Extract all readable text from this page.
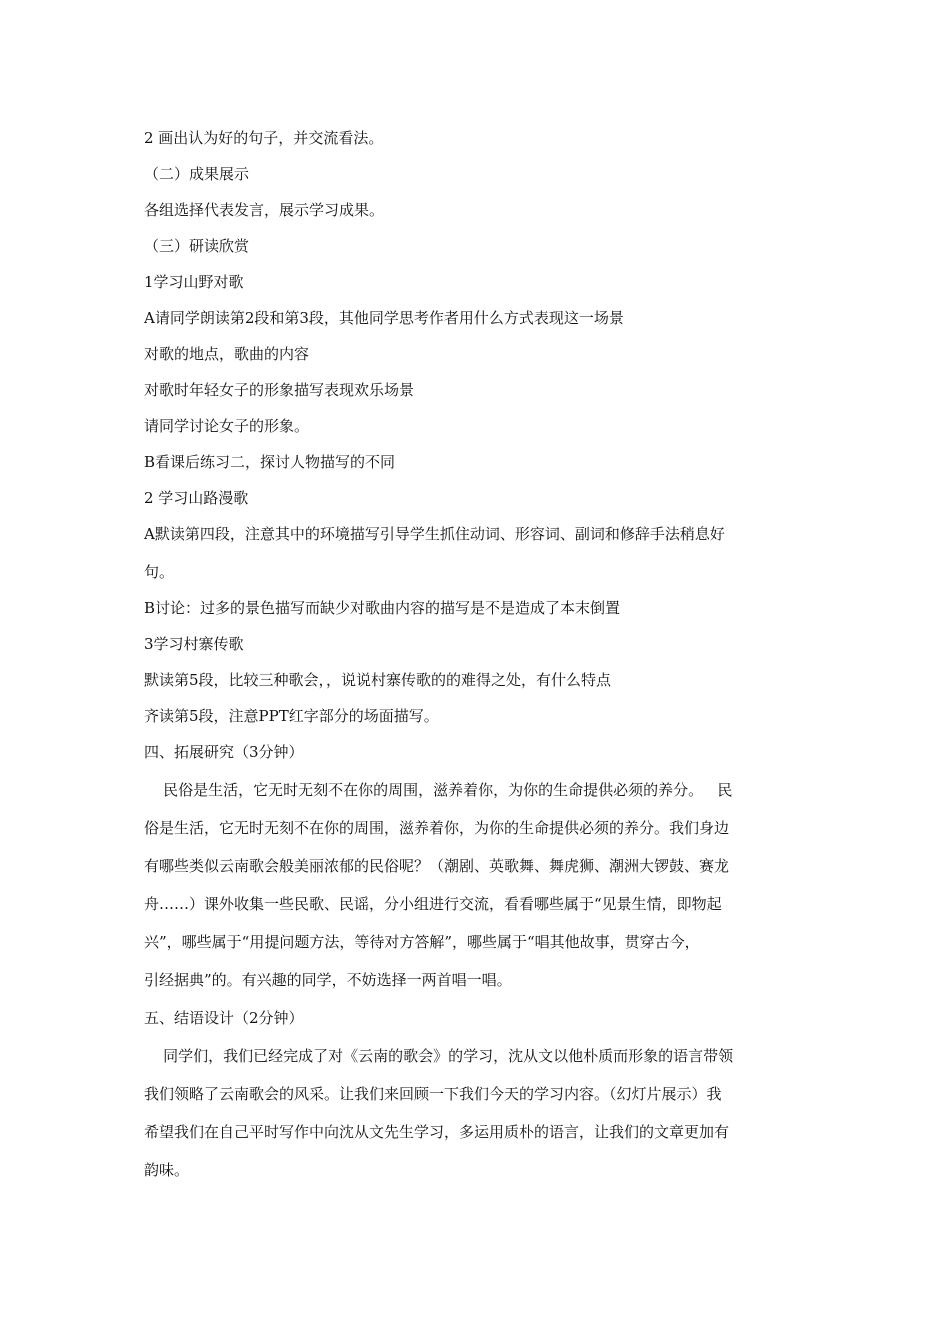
2 画出认为好的句子，并交流看法。
（二）成果展示
各组选择代表发言，展示学习成果。
（三）研读欣赏
1学习山野对歌
A请同学朗读第2段和第3段，其他同学思考作者用什么方式表现这一场景
对歌的地点，歌曲的内容
对歌时年轻女子的形象描写表现欢乐场景
请同学讨论女子的形象。
B看课后练习二，探讨人物描写的不同
2 学习山路漫歌
A默读第四段，注意其中的环境描写引导学生抓住动词、形容词、副词和修辞手法稍息好
句。
B讨论：过多的景色描写而缺少对歌曲内容的描写是不是造成了本末倒置
3学习村寨传歌
默读第5段，比较三种歌会，，说说村寨传歌的的难得之处，有什么特点
齐读第5段，注意PPT红字部分的场面描写。
四、拓展研究（3分钟）
民俗是生活，它无时无刻不在你的周围，滋养着你，为你的生命提供必须的养分。   民
俗是生活，它无时无刻不在你的周围，滋养着你，为你的生命提供必须的养分。我们身边
有哪些类似云南歌会般美丽浓郁的民俗呢？（潮剧、英歌舞、舞虎狮、潮洲大锣鼓、赛龙
舟……）课外收集一些民歌、民谣，分小组进行交流，看看哪些属于“见景生情，即物起
兴”，哪些属于“用提问题方法，等待对方答解”，哪些属于“唱其他故事，贯穿古今，
引经据典”的。有兴趣的同学，不妨选择一两首唱一唱。
五、结语设计（2分钟）
同学们，我们已经完成了对《云南的歌会》的学习，沈从文以他朴质而形象的语言带领
我们领略了云南歌会的风采。让我们来回顾一下我们今天的学习内容。（幻灯片展示）我
希望我们在自己平时写作中向沈从文先生学习，多运用质朴的语言，让我们的文章更加有
韵味。
